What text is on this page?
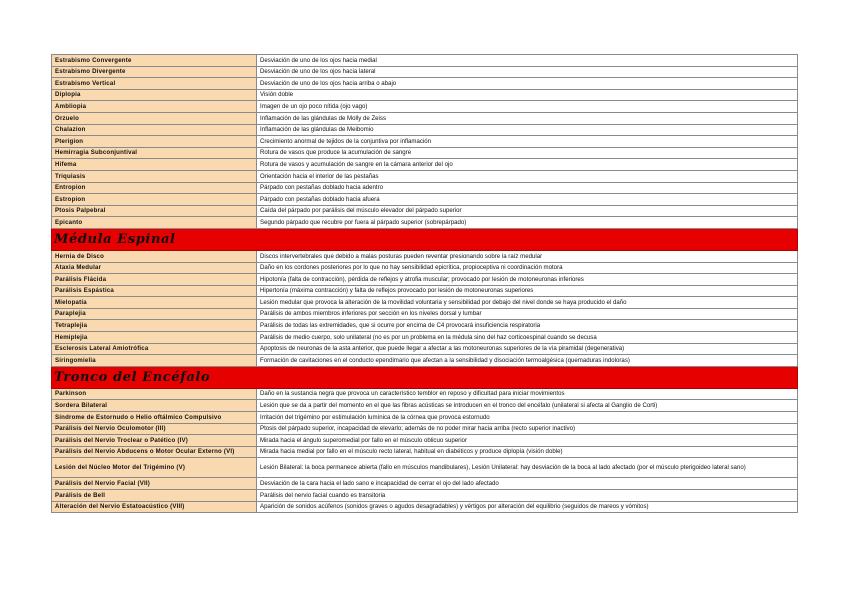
Estrabismo Convergente	Desviación de uno de los ojos hacia medial
Estrabismo Divergente	Desviación de uno de los ojos hacia lateral
Estrabismo Vertical	Desviación de uno de los ojos hacia arriba o abajo
Diplopia	Visión doble
Ambliopia	Imagen de un ojo poco nítida (ojo vago)
Orzuelo	Inflamación de las glándulas de Molly de Zeiss
Chalazion	Inflamación de las glándulas de Meibomio
Pterigion	Crecimiento anormal de tejidos de la conjuntiva por inflamación
Hemirragia Subconjuntival	Rotura de vasos que produce la acumulación de sangre
Hifema	Rotura de vasos y acumulación de sangre en la cámara anterior del ojo
Triquiasis	Orientación hacia el interior de las pestañas
Entropion	Párpado con pestañas doblado hacia adentro
Estropion	Párpado con pestañas doblado hacia afuera
Ptosis Palpebral	Caída del párpado por parálisis del músculo elevador del párpado superior
Epicanto	Segundo párpado que recubre por fuera al párpado superior (sobrepárpado)
Médula Espinal	
Hernia de Disco	Discos intervertebrales que debido a malas posturas pueden reventar presionando sobre la raíz medular
Ataxia Medular	Daño en los cordones posteriores por lo que no hay sensibilidad epicrítica, propioceptiva ni coordinación motora
Parálisis Flácida	Hipotonía (falta de contracción), pérdida de reflejos y atrofia muscular; provocado por lesión de motoneuronas inferiores
Parálisis Espástica	Hipertonía (máxima contracción) y falta de reflejos provocado por lesión de motoneuronas superiores
Mielopatía	Lesión medular que provoca la alteración de la movilidad voluntaria y sensibilidad por debajo del nivel donde se haya producido el daño
Paraplejia	Parálisis de ambos miembros inferiores por sección en los niveles dorsal y lumbar
Tetraplejia	Parálisis de todas las extremidades, que si ocurre por encima de C4 provocará insuficiencia respiratoria
Hemiplejia	Parálisis de medio cuerpo, solo unilateral (no es por un problema en la médula sino del haz corticoespinal cuando se decusa
Esclerosis Lateral Amiotrófica	Apoptosis de neuronas de la asta anterior, que puede llegar a afectar a las motoneuronas superiores de la vía piramidal (degenerativa)
Siringomielia	Formación de cavitaciones en el conducto ependimario que afectan a la sensibilidad y disociación termoalgésica (quemaduras indoloras)
Tronco del Encéfalo	
Parkinson	Daño en la sustancia negra que provoca un característico temblor en reposo y dificultad para iniciar movimientos
Sordera Bilateral	Lesión que se da a partir del momento en el que las fibras acústicas se introducen en el tronco del encéfalo (unilateral si afecta al Ganglio de Corti)
Síndrome de Estornudo o Helio oftálmico Compulsivo	Irritación del trigémino por estimulación lumínica de la córnea que provoca estornudo
Parálisis del Nervio Oculomotor (III)	Ptosis del párpado superior, incapacidad de elevarlo; además de no poder mirar hacia arriba (recto superior inactivo)
Parálisis del Nervio Troclear o Patético (IV)	Mirada hacia el ángulo superomedial por fallo en el músculo oblicuo superior
Parálisis del Nervio Abducens o Motor Ocular Externo (VI)	Mirada hacia medial por fallo en el músculo recto lateral, habitual en diabéticos y produce diplopía (visión doble)
Lesión del Núcleo Motor del Trigémino (V)	Lesión Bilateral: la boca permanece abierta (fallo en músculos mandibulares), Lesión Unilateral: hay desviación de la boca al lado afectado (por el músculo pterigoideo lateral sano)
Parálisis del Nervio Facial (VII)	Desviación de la cara hacia el lado sano e incapacidad de cerrar el ojo del lado afectado
Parálisis de Bell	Parálisis del nervio facial cuando es transitoria
Alteración del Nervio Estatoacústico (VIII)	Aparición de sonidos acúfenos (sonidos graves o agudos desagradables) y vértigos por alteración del equilibrio (seguidos de mareos y vómitos)
